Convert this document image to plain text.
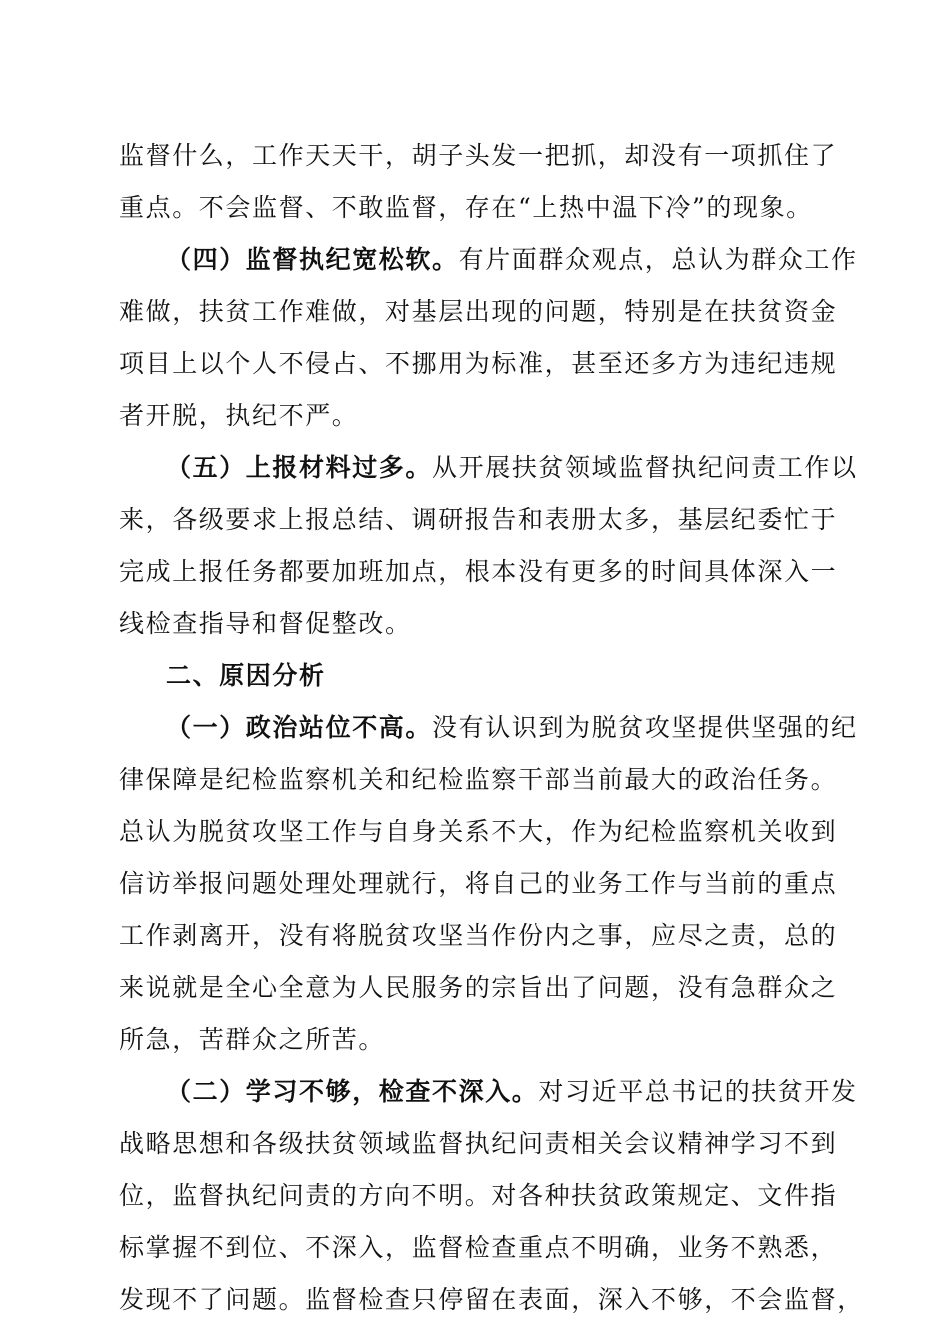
监督什么，工作天天干，胡子头发一把抓，却没有一项抓住了
重点。不会监督、不敢监督，存在“上热中温下冷”的现象。
（四）监督执纪宽松软。有片面群众观点，总认为群众工作
难做，扶贫工作难做，对基层出现的问题，特别是在扶贫资金
项目上以个人不侵占、不挪用为标准，甚至还多方为违纪违规
者开脱，执纪不严。
（五）上报材料过多。从开展扶贫领域监督执纪问责工作以
来，各级要求上报总结、调研报告和表册太多，基层纪委忙于
完成上报任务都要加班加点，根本没有更多的时间具体深入一
线检查指导和督促整改。
二、原因分析
（一）政治站位不高。没有认识到为脱贫攻坚提供坚强的纪
律保障是纪检监察机关和纪检监察干部当前最大的政治任务。
总认为脱贫攻坚工作与自身关系不大，作为纪检监察机关收到
信访举报问题处理处理就行，将自己的业务工作与当前的重点
工作剥离开，没有将脱贫攻坚当作份内之事，应尽之责，总的
来说就是全心全意为人民服务的宗旨出了问题，没有急群众之
所急，苦群众之所苦。
（二）学习不够，检查不深入。对习近平总书记的扶贫开发
战略思想和各级扶贫领域监督执纪问责相关会议精神学习不到
位，监督执纪问责的方向不明。对各种扶贫政策规定、文件指
标掌握不到位、不深入，监督检查重点不明确，业务不熟悉，
发现不了问题。监督检查只停留在表面，深入不够，不会监督，
